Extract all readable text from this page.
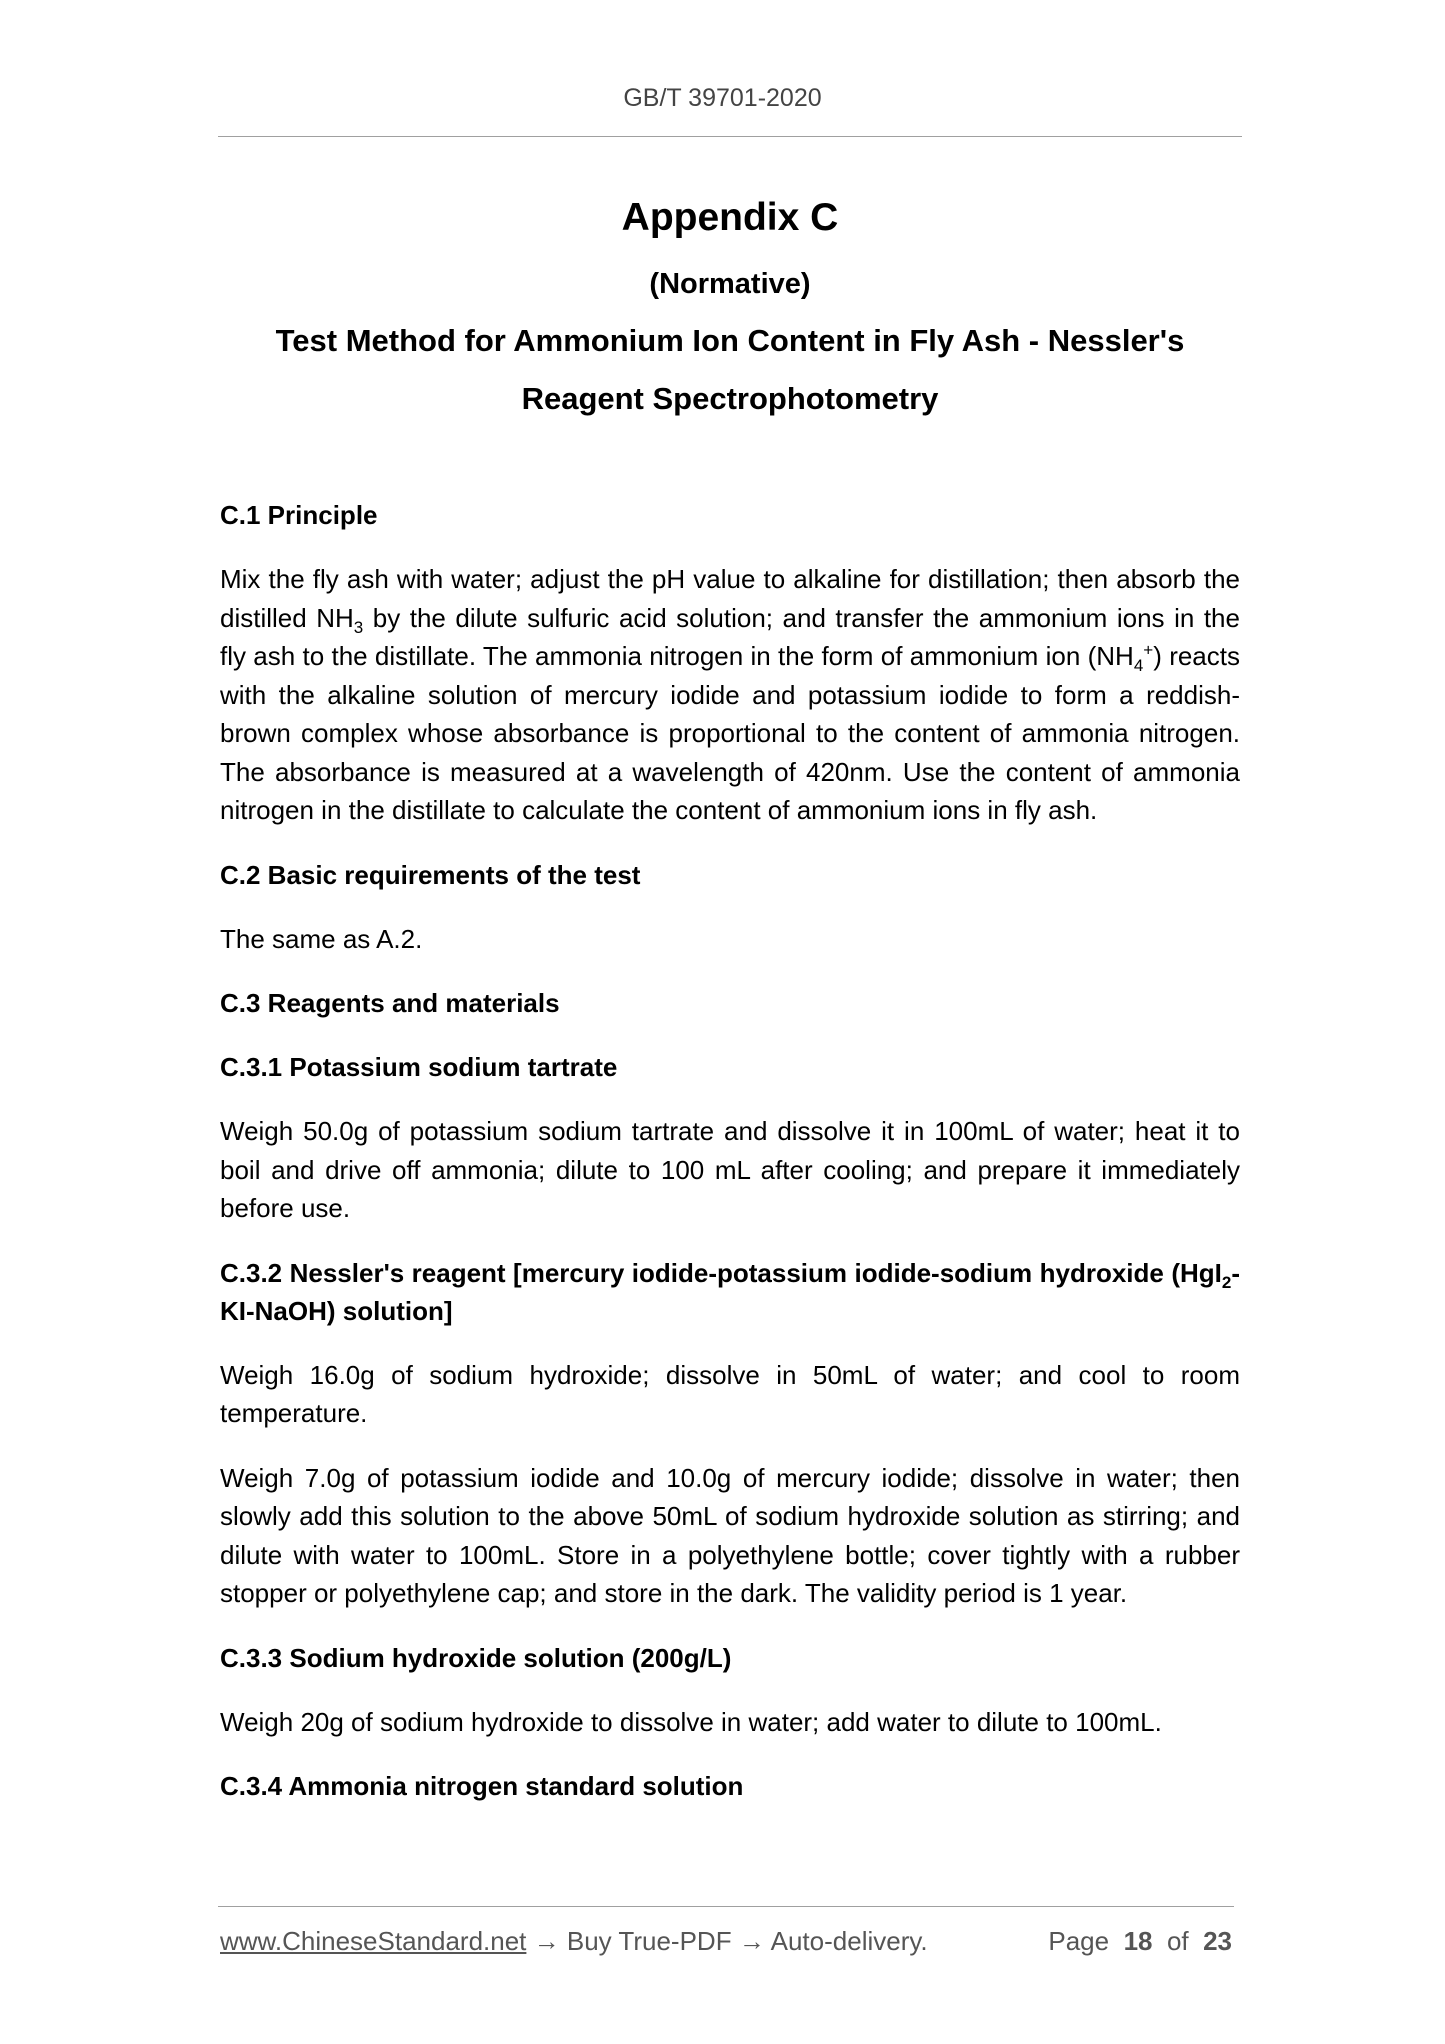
GB/T 39701-2020
Appendix C
(Normative)
Test Method for Ammonium Ion Content in Fly Ash - Nessler's
Reagent Spectrophotometry

C.1 Principle

Mix the fly ash with water; adjust the pH value to alkaline for distillation; then absorb the distilled $NH_3$ by the dilute sulfuric acid solution; and transfer the ammonium ions in the fly ash to the distillate. The ammonia nitrogen in the form of ammonium ion $(NH_4^+)$ reacts with the alkaline solution of mercury iodide and potassium iodide to form a reddish-brown complex whose absorbance is proportional to the content of ammonia nitrogen. The absorbance is measured at a wavelength of 420nm. Use the content of ammonia nitrogen in the distillate to calculate the content of ammonium ions in fly ash.

C.2 Basic requirements of the test

The same as A.2.

C.3 Reagents and materials

C.3.1 Potassium sodium tartrate

Weigh 50.0g of potassium sodium tartrate and dissolve it in 100mL of water; heat it to boil and drive off ammonia; dilute to 100 mL after cooling; and prepare it immediately before use.

C.3.2 Nessler's reagent [mercury iodide-potassium iodide-sodium hydroxide (HgI$_2$-KI-NaOH) solution]

Weigh 16.0g of sodium hydroxide; dissolve in 50mL of water; and cool to room temperature.

Weigh 7.0g of potassium iodide and 10.0g of mercury iodide; dissolve in water; then slowly add this solution to the above 50mL of sodium hydroxide solution as stirring; and dilute with water to 100mL. Store in a polyethylene bottle; cover tightly with a rubber stopper or polyethylene cap; and store in the dark. The validity period is 1 year.

C.3.3 Sodium hydroxide solution (200g/L)

Weigh 20g of sodium hydroxide to dissolve in water; add water to dilute to 100mL.

C.3.4 Ammonia nitrogen standard solution

www.ChineseStandard.net → Buy True-PDF → Auto-delivery.	Page 18 of 23
